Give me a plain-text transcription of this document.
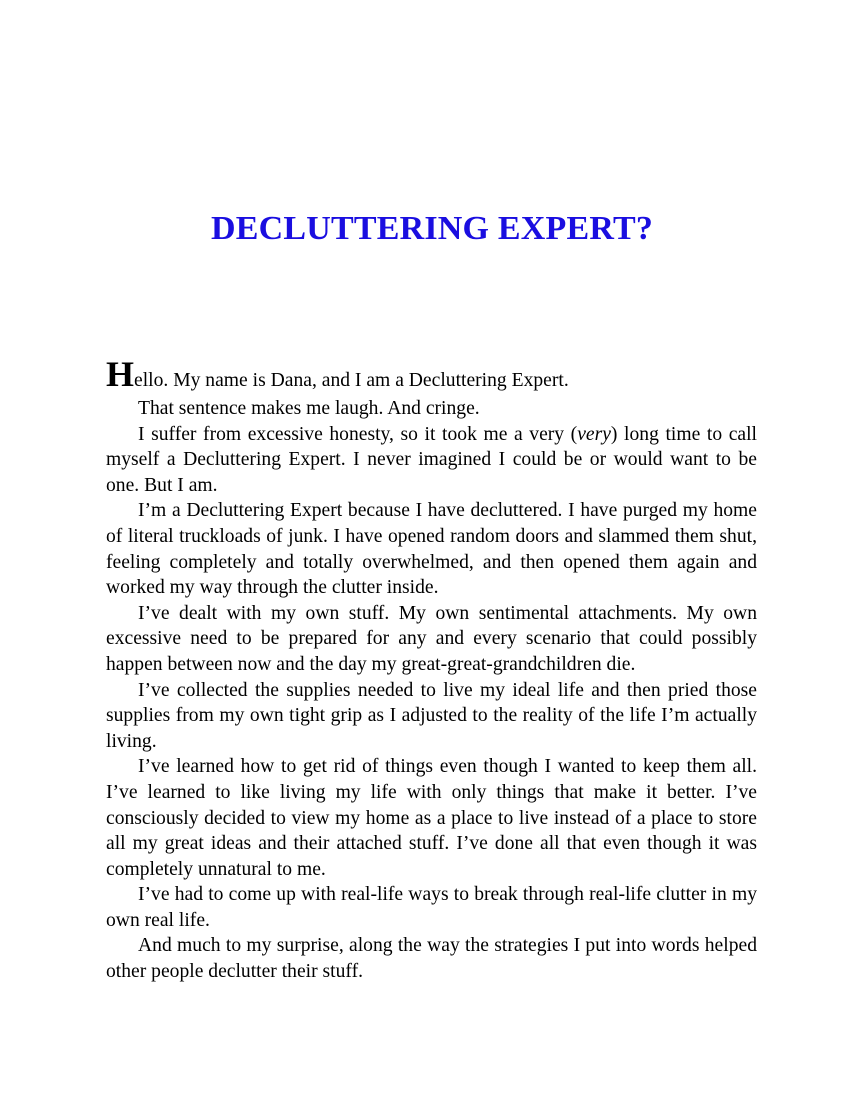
DECLUTTERING EXPERT?

Hello. My name is Dana, and I am a Decluttering Expert.

That sentence makes me laugh. And cringe.

I suffer from excessive honesty, so it took me a very (very) long time to call myself a Decluttering Expert. I never imagined I could be or would want to be one. But I am.

I’m a Decluttering Expert because I have decluttered. I have purged my home of literal truckloads of junk. I have opened random doors and slammed them shut, feeling completely and totally overwhelmed, and then opened them again and worked my way through the clutter inside.

I’ve dealt with my own stuff. My own sentimental attachments. My own excessive need to be prepared for any and every scenario that could possibly happen between now and the day my great-great-grandchildren die.

I’ve collected the supplies needed to live my ideal life and then pried those supplies from my own tight grip as I adjusted to the reality of the life I’m actually living.

I’ve learned how to get rid of things even though I wanted to keep them all. I’ve learned to like living my life with only things that make it better. I’ve consciously decided to view my home as a place to live instead of a place to store all my great ideas and their attached stuff. I’ve done all that even though it was completely unnatural to me.

I’ve had to come up with real-life ways to break through real-life clutter in my own real life.

And much to my surprise, along the way the strategies I put into words helped other people declutter their stuff.
